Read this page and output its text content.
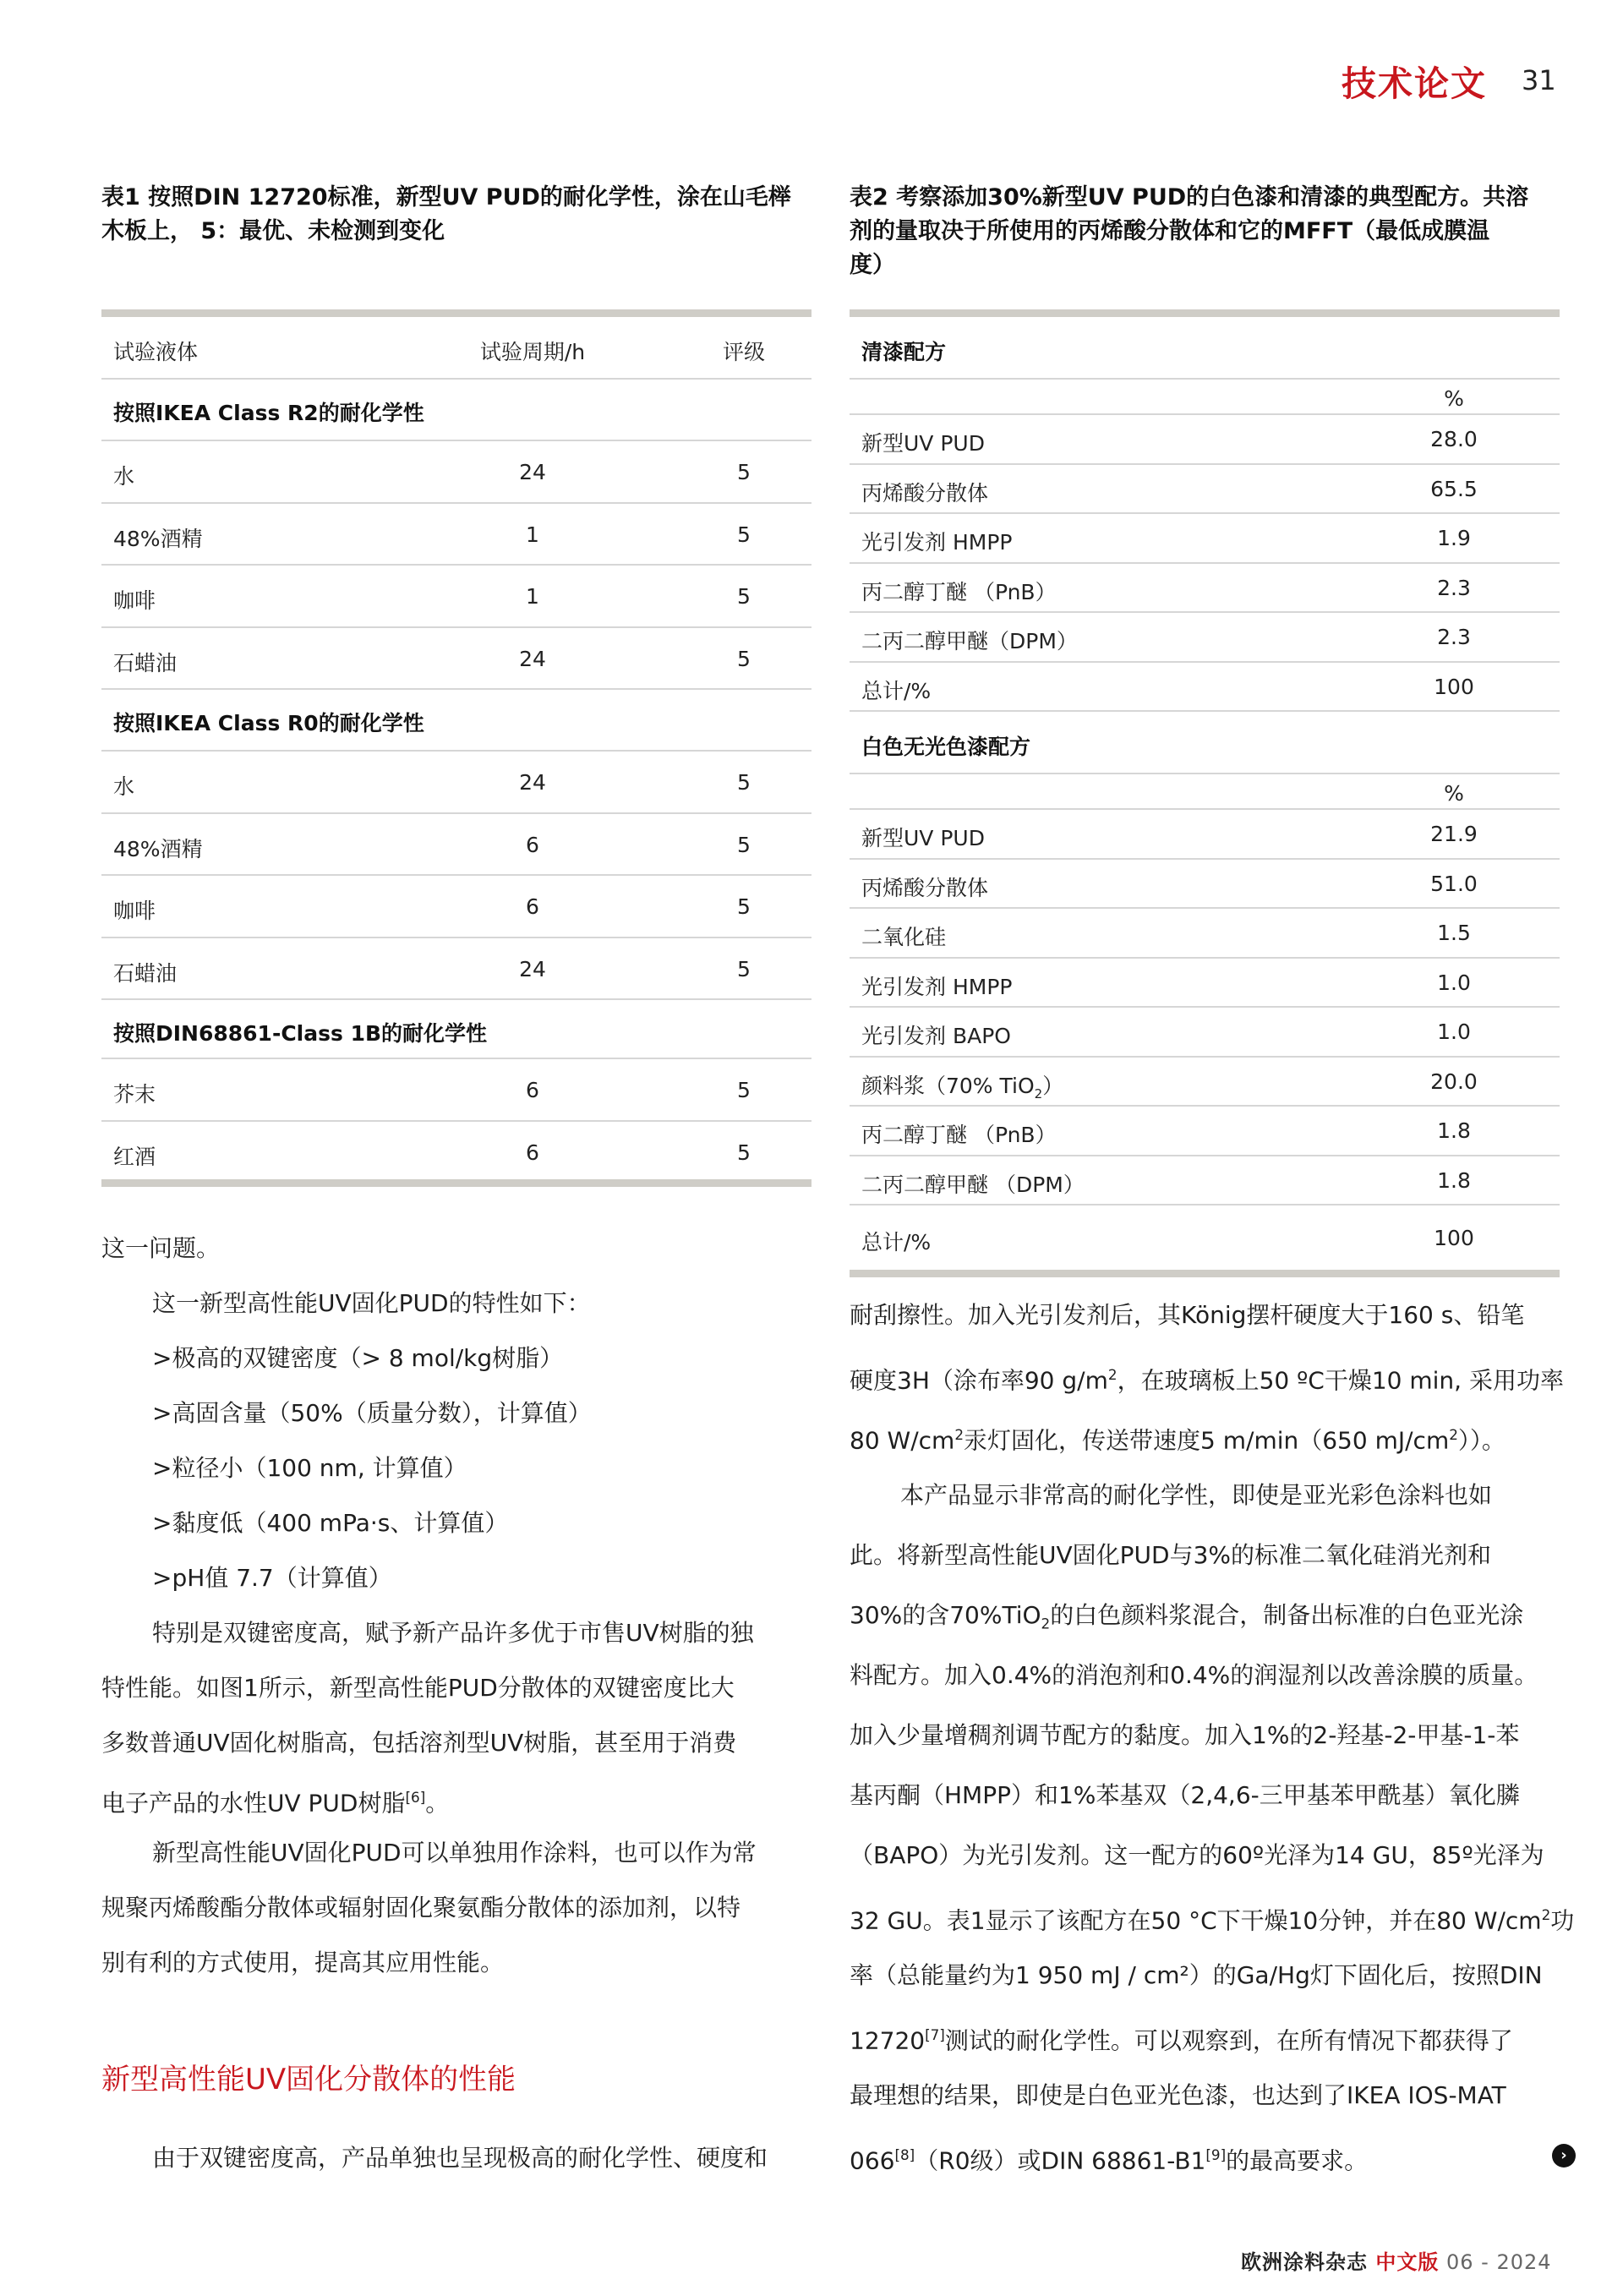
技术论文 31
表1 按照DIN 12720标准，新型UV PUD的耐化学性，涂在山毛榉
木板上， 5：最优、未检测到变化
试验液体	试验周期/h	评级
按照IKEA Class R2的耐化学性
水	24	5
48%酒精	1	5
咖啡	1	5
石蜡油	24	5
按照IKEA Class R0的耐化学性
水	24	5
48%酒精	6	5
咖啡	6	5
石蜡油	24	5
按照DIN68861-Class 1B的耐化学性
芥末	6	5
红酒	6	5
这一问题。
这一新型高性能UV固化PUD的特性如下：
>极高的双键密度（> 8 mol/kg树脂）
>高固含量（50%（质量分数），计算值）
>粒径小（100 nm, 计算值）
>黏度低（400 mPa·s、计算值）
>pH值 7.7（计算值）
特别是双键密度高，赋予新产品许多优于市售UV树脂的独
特性能。如图1所示，新型高性能PUD分散体的双键密度比大
多数普通UV固化树脂高，包括溶剂型UV树脂，甚至用于消费
电子产品的水性UV PUD树脂[6]。
新型高性能UV固化PUD可以单独用作涂料，也可以作为常
规聚丙烯酸酯分散体或辐射固化聚氨酯分散体的添加剂，以特
别有利的方式使用，提高其应用性能。
新型高性能UV固化分散体的性能
由于双键密度高，产品单独也呈现极高的耐化学性、硬度和
表2 考察添加30%新型UV PUD的白色漆和清漆的典型配方。共溶
剂的量取决于所使用的丙烯酸分散体和它的MFFT（最低成膜温
度）
清漆配方
%
新型UV PUD	28.0
丙烯酸分散体	65.5
光引发剂 HMPP	1.9
丙二醇丁醚 （PnB）	2.3
二丙二醇甲醚（DPM）	2.3
总计/%	100
白色无光色漆配方
%
新型UV PUD	21.9
丙烯酸分散体	51.0
二氧化硅	1.5
光引发剂 HMPP	1.0
光引发剂 BAPO	1.0
颜料浆（70% TiO$_2$）	20.0
丙二醇丁醚 （PnB）	1.8
二丙二醇甲醚 （DPM）	1.8
总计/%	100
耐刮擦性。加入光引发剂后，其König摆杆硬度大于160 s、铅笔
硬度3H（涂布率90 $g/m^2$，在玻璃板上50 ºC干燥10 min, 采用功率
80 $W/cm^2$汞灯固化，传送带速度5 m/min（650 $mJ/cm^2$））。
本产品显示非常高的耐化学性，即使是亚光彩色涂料也如
此。将新型高性能UV固化PUD与3%的标准二氧化硅消光剂和
30%的含70%TiO$_2$的白色颜料浆混合，制备出标准的白色亚光涂
料配方。加入0.4%的消泡剂和0.4%的润湿剂以改善涂膜的质量。
加入少量增稠剂调节配方的黏度。加入1%的2-羟基-2-甲基-1-苯
基丙酮（HMPP）和1%苯基双（2,4,6-三甲基苯甲酰基）氧化膦
（BAPO）为光引发剂。这一配方的60º光泽为14 GU，85º光泽为
32 GU。表1显示了该配方在50 °C下干燥10分钟，并在80 $W/cm^2$功
率（总能量约为1 950 mJ / cm²）的Ga/Hg灯下固化后，按照DIN
12720[7]测试的耐化学性。可以观察到，在所有情况下都获得了
最理想的结果，即使是白色亚光色漆，也达到了IKEA IOS-MAT
066[8]（R0级）或DIN 68861-B1[9]的最高要求。	›
欧洲涂料杂志 中文版 06 - 2024
